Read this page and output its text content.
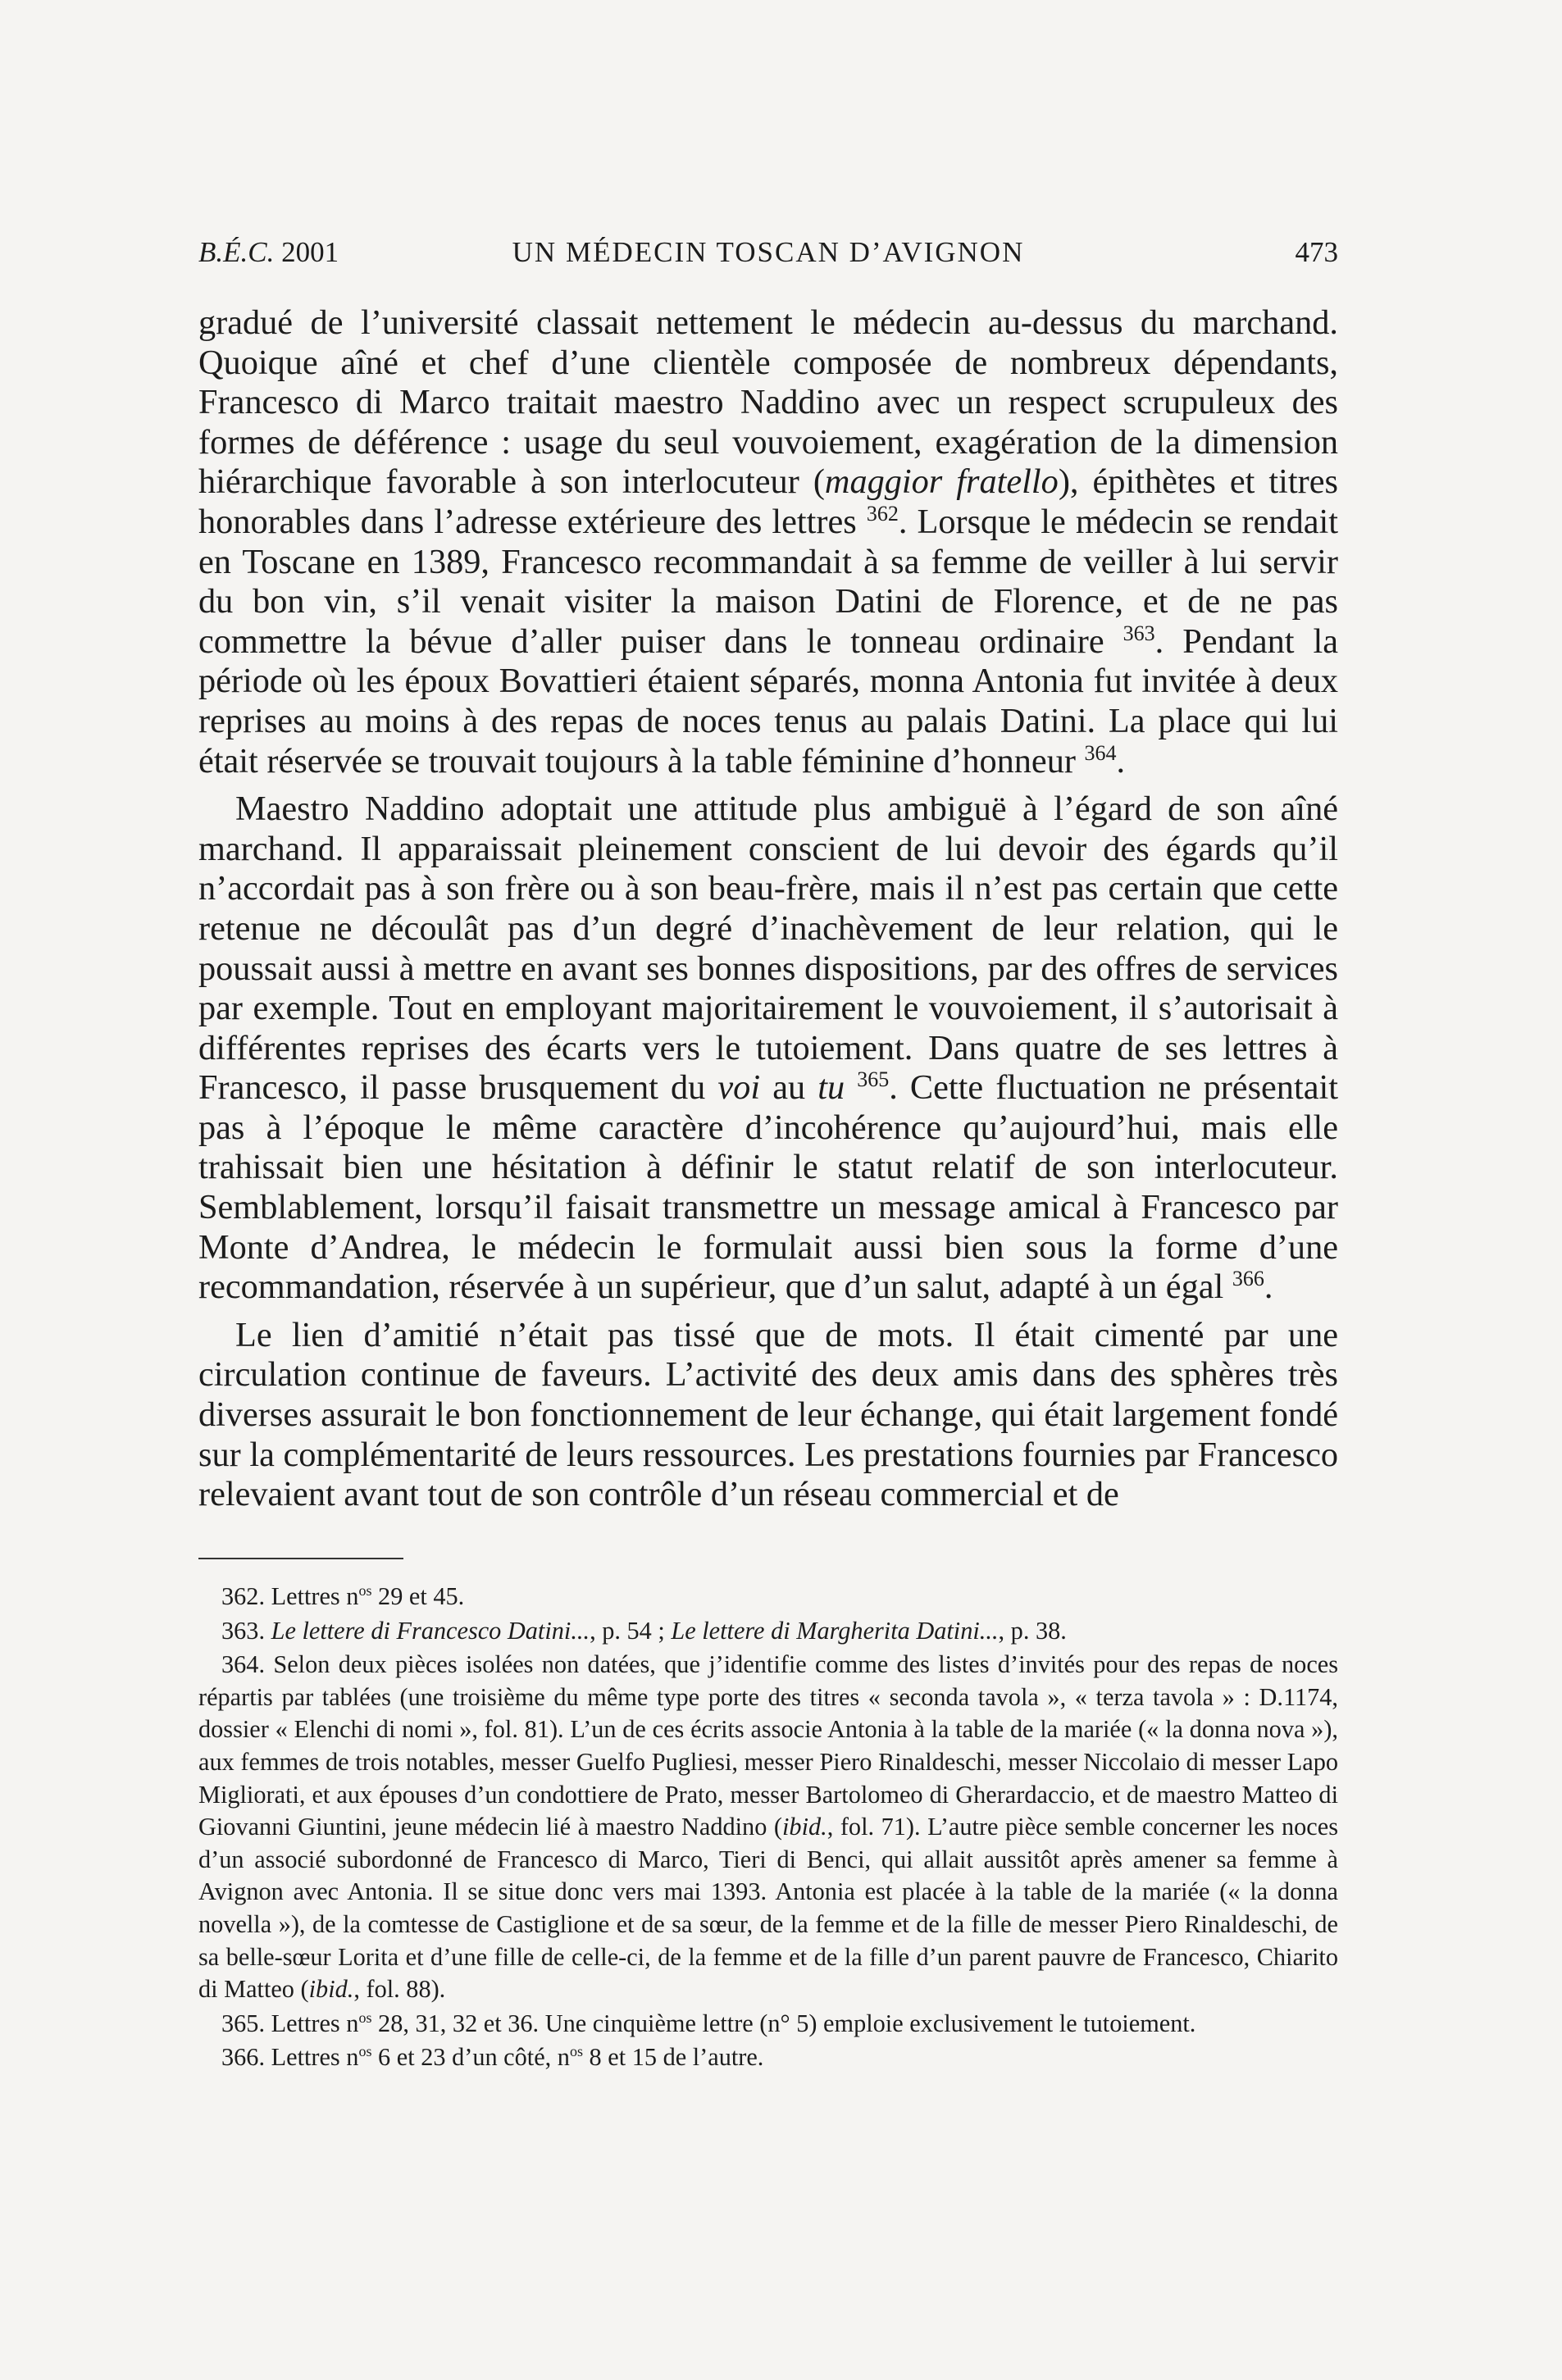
B.É.C. 2001	UN MÉDECIN TOSCAN D’AVIGNON	473

gradué de l’université classait nettement le médecin au-dessus du marchand. Quoique aîné et chef d’une clientèle composée de nombreux dépendants, Francesco di Marco traitait maestro Naddino avec un respect scrupuleux des formes de déférence : usage du seul vouvoiement, exagération de la dimension hiérarchique favorable à son interlocuteur (maggior fratello), épithètes et titres honorables dans l’adresse extérieure des lettres $^{362}$. Lorsque le médecin se rendait en Toscane en 1389, Francesco recommandait à sa femme de veiller à lui servir du bon vin, s’il venait visiter la maison Datini de Florence, et de ne pas commettre la bévue d’aller puiser dans le tonneau ordinaire $^{363}$. Pendant la période où les époux Bovattieri étaient séparés, monna Antonia fut invitée à deux reprises au moins à des repas de noces tenus au palais Datini. La place qui lui était réservée se trouvait toujours à la table féminine d’honneur $^{364}$.

Maestro Naddino adoptait une attitude plus ambiguë à l’égard de son aîné marchand. Il apparaissait pleinement conscient de lui devoir des égards qu’il n’accordait pas à son frère ou à son beau-frère, mais il n’est pas certain que cette retenue ne découlât pas d’un degré d’inachèvement de leur relation, qui le poussait aussi à mettre en avant ses bonnes dispositions, par des offres de services par exemple. Tout en employant majoritairement le vouvoiement, il s’autorisait à différentes reprises des écarts vers le tutoiement. Dans quatre de ses lettres à Francesco, il passe brusquement du voi au tu $^{365}$. Cette fluctuation ne présentait pas à l’époque le même caractère d’incohérence qu’aujourd’hui, mais elle trahissait bien une hésitation à définir le statut relatif de son interlocuteur. Semblablement, lorsqu’il faisait transmettre un message amical à Francesco par Monte d’Andrea, le médecin le formulait aussi bien sous la forme d’une recommandation, réservée à un supérieur, que d’un salut, adapté à un égal $^{366}$.

Le lien d’amitié n’était pas tissé que de mots. Il était cimenté par une circulation continue de faveurs. L’activité des deux amis dans des sphères très diverses assurait le bon fonctionnement de leur échange, qui était largement fondé sur la complémentarité de leurs ressources. Les prestations fournies par Francesco relevaient avant tout de son contrôle d’un réseau commercial et de

362. Lettres $n^{os}$ 29 et 45.

363. Le lettere di Francesco Datini..., p. 54 ; Le lettere di Margherita Datini..., p. 38.

364. Selon deux pièces isolées non datées, que j’identifie comme des listes d’invités pour des repas de noces répartis par tablées (une troisième du même type porte des titres « seconda tavola », « terza tavola » : D.1174, dossier « Elenchi di nomi », fol. 81). L’un de ces écrits associe Antonia à la table de la mariée (« la donna nova »), aux femmes de trois notables, messer Guelfo Pugliesi, messer Piero Rinaldeschi, messer Niccolaio di messer Lapo Migliorati, et aux épouses d’un condottiere de Prato, messer Bartolomeo di Gherardaccio, et de maestro Matteo di Giovanni Giuntini, jeune médecin lié à maestro Naddino (ibid., fol. 71). L’autre pièce semble concerner les noces d’un associé subordonné de Francesco di Marco, Tieri di Benci, qui allait aussitôt après amener sa femme à Avignon avec Antonia. Il se situe donc vers mai 1393. Antonia est placée à la table de la mariée (« la donna novella »), de la comtesse de Castiglione et de sa sœur, de la femme et de la fille de messer Piero Rinaldeschi, de sa belle-sœur Lorita et d’une fille de celle-ci, de la femme et de la fille d’un parent pauvre de Francesco, Chiarito di Matteo (ibid., fol. 88).

365. Lettres $n^{os}$ 28, 31, 32 et 36. Une cinquième lettre (n° 5) emploie exclusivement le tutoiement.

366. Lettres $n^{os}$ 6 et 23 d’un côté, $n^{os}$ 8 et 15 de l’autre.
